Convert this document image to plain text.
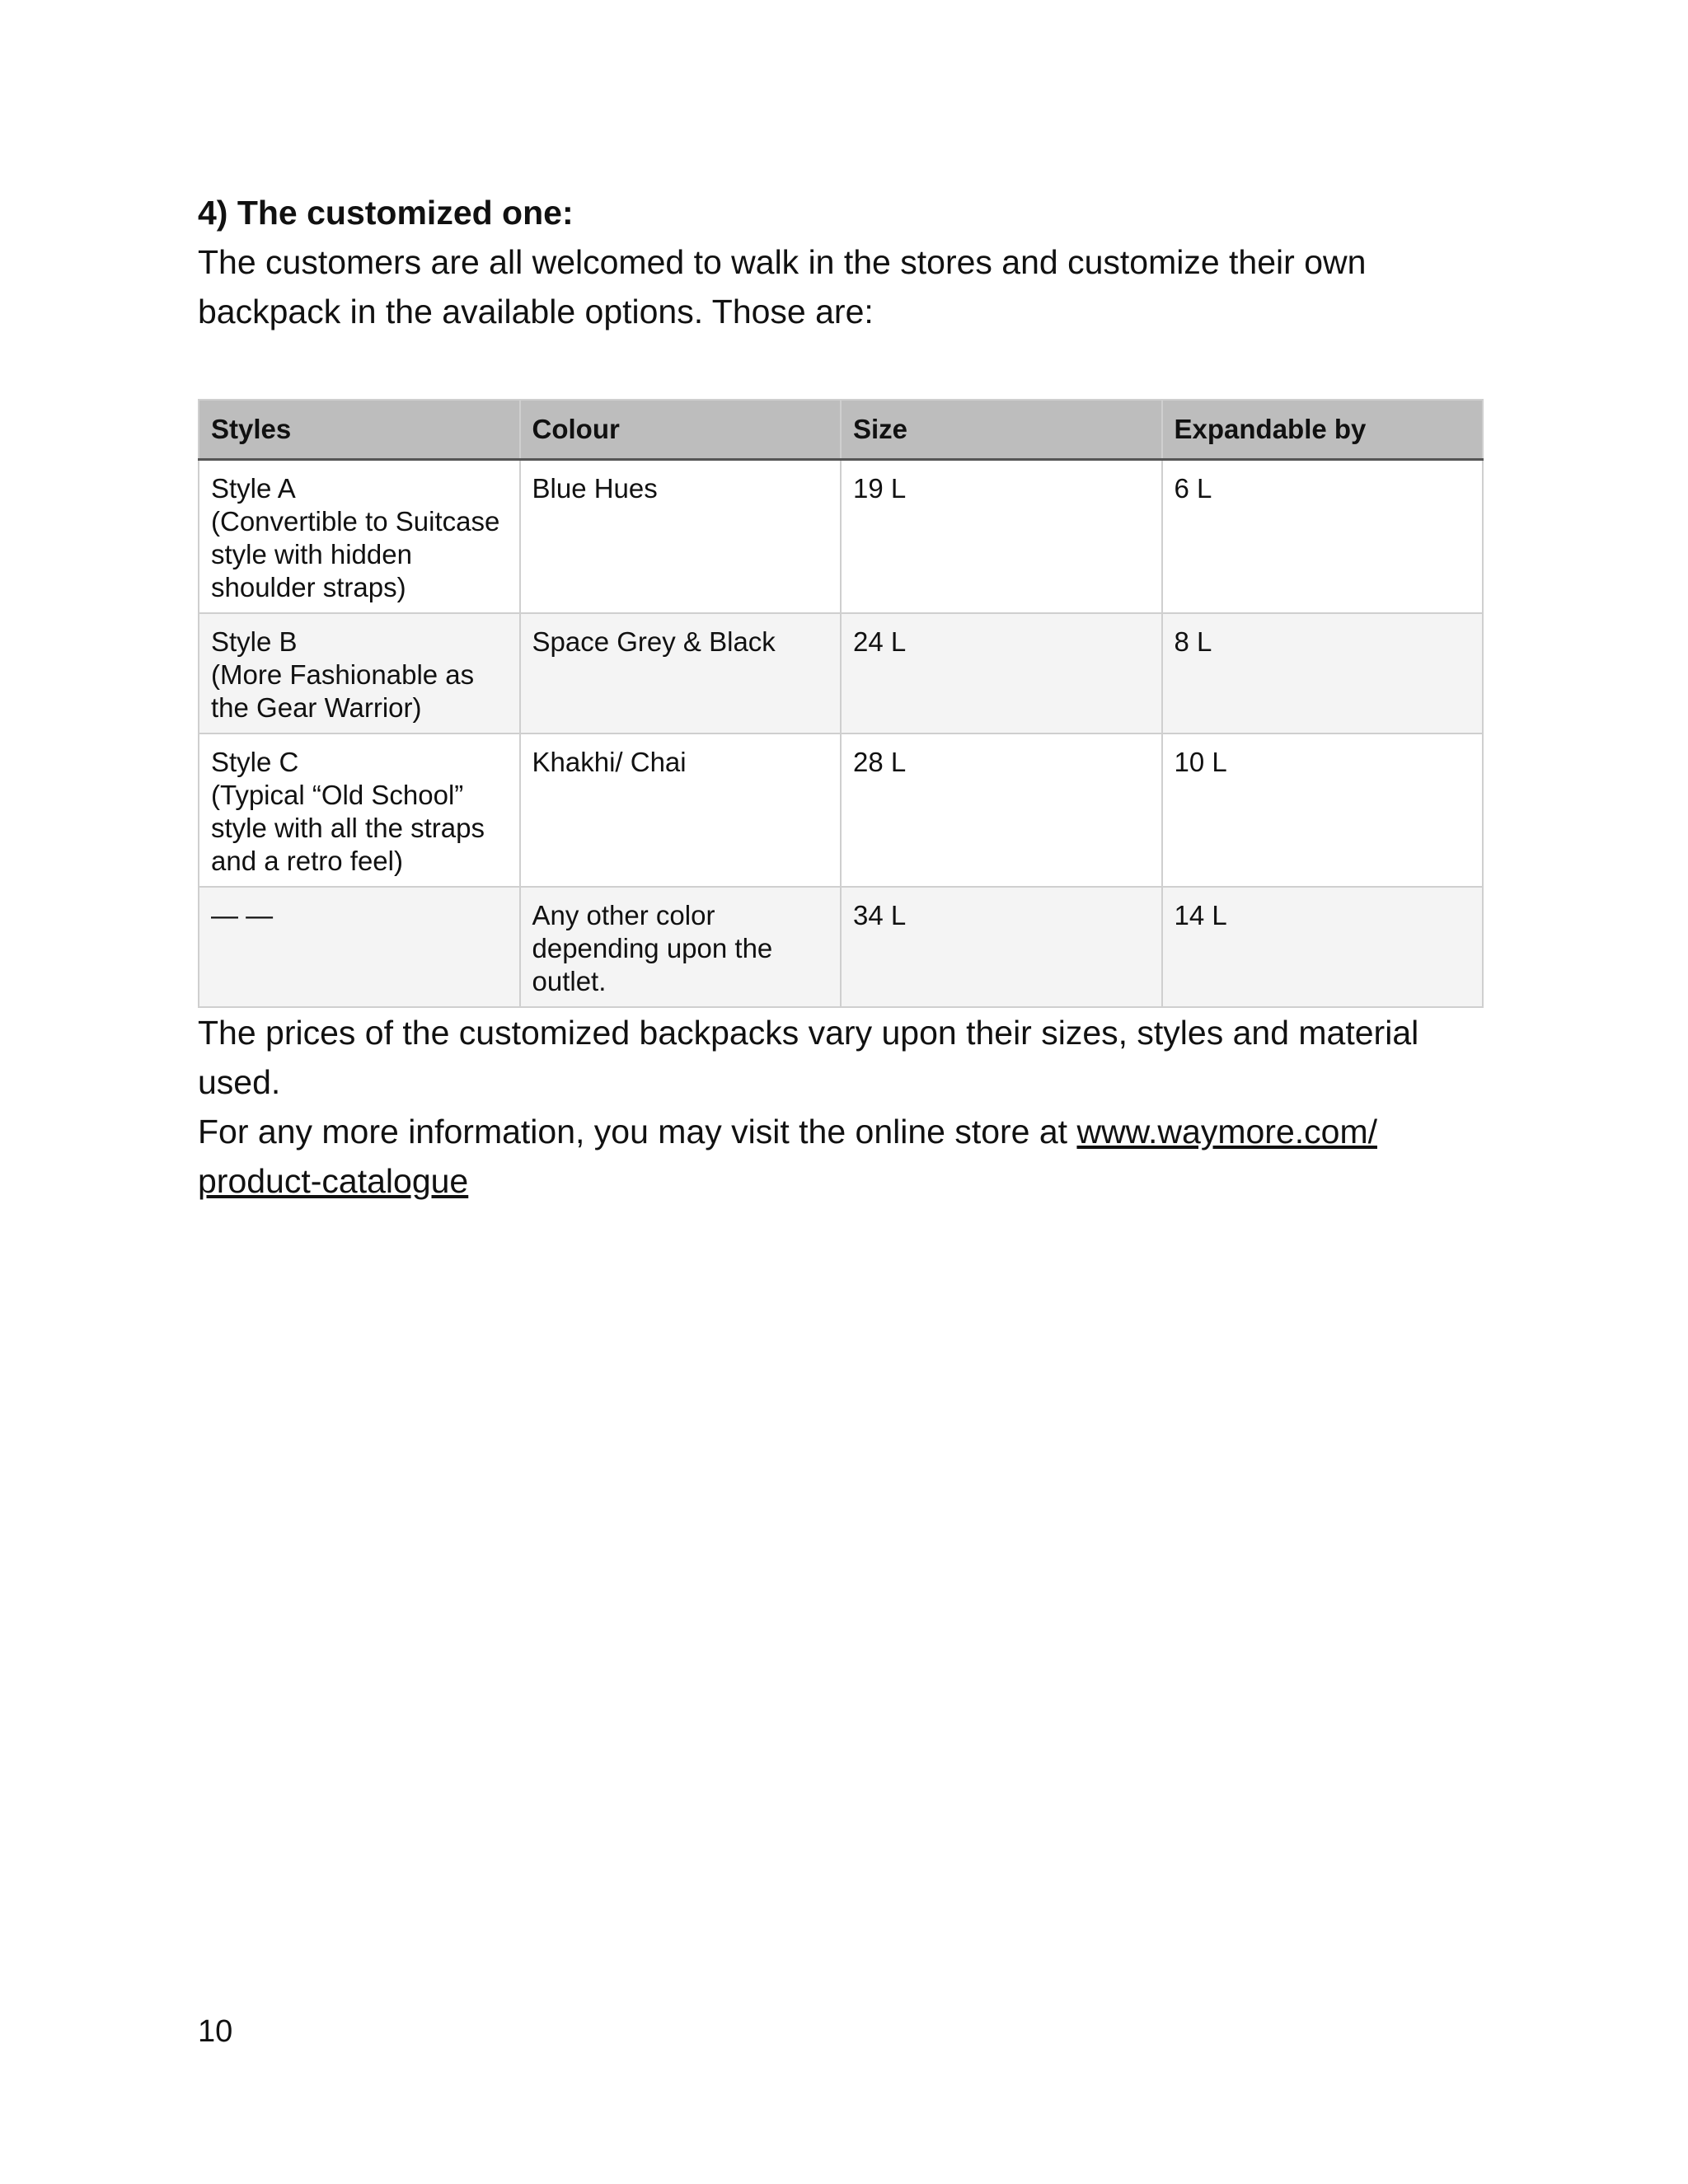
4) The customized one:

The customers are all welcomed to walk in the stores and customize their own backpack in the available options. Those are:

Styles	Colour	Size	Expandable by

Style A
(Convertible to Suitcase style with hidden shoulder straps)	Blue Hues	19 L	6 L

Style B
(More Fashionable as the Gear Warrior)	Space Grey & Black	24 L	8 L

Style C
(Typical “Old School” style with all the straps and a retro feel)	Khakhi/ Chai	28 L	10 L

— —	Any other color depending upon the outlet.	34 L	14 L

The prices of the customized backpacks vary upon their sizes, styles and material used.

For any more information, you may visit the online store at www.waymore.com/ product-catalogue

10
